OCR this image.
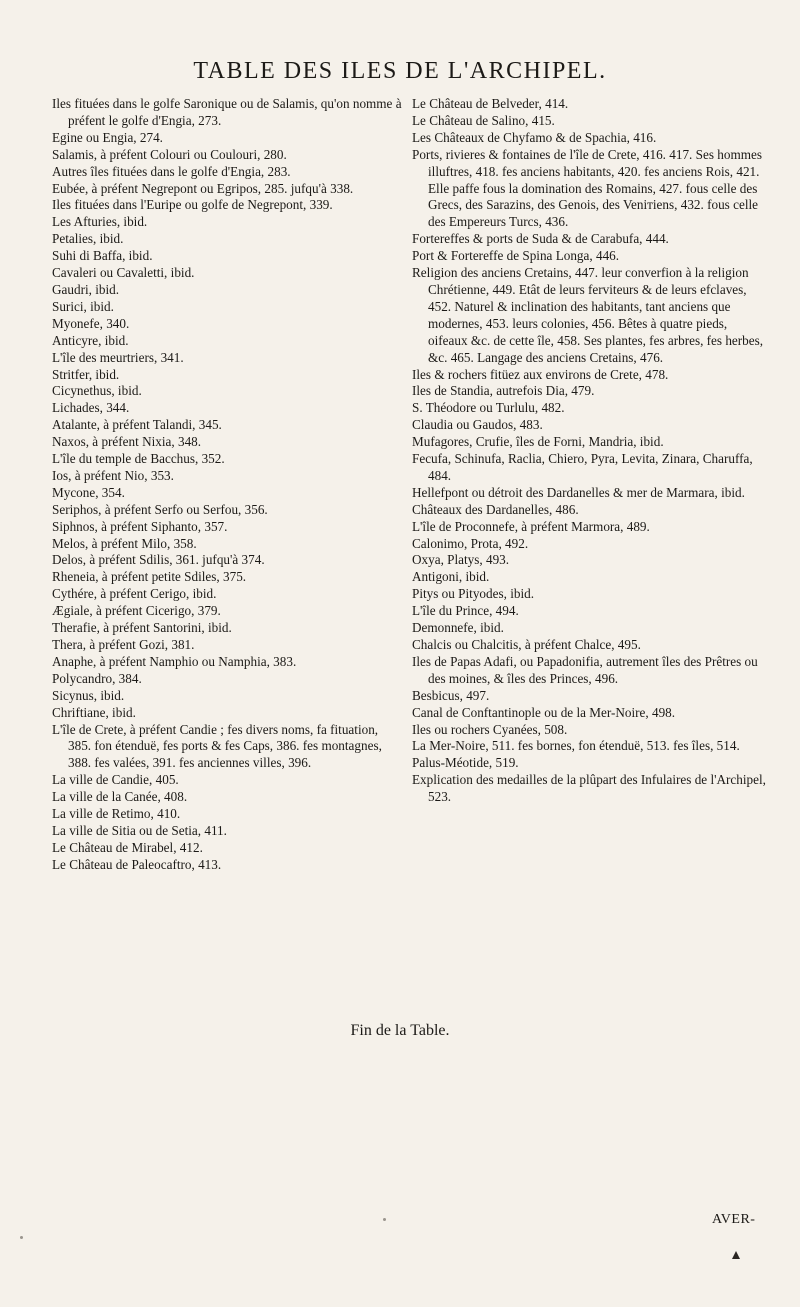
TABLE DES ILES DE L'ARCHIPEL.

Iles fituées dans le golfe Saronique ou de Salamis, qu'on nomme à préfent le golfe d'Engia, 273.

Egine ou Engia, 274.

Salamis, à préfent Colouri ou Coulouri, 280.

Autres îles fituées dans le golfe d'Engia, 283.

Eubée, à préfent Negrepont ou Egripos, 285. jufqu'à 338.

Iles fituées dans l'Euripe ou golfe de Negrepont, 339.

Les Afturies, ibid.

Petalies, ibid.

Suhi di Baffa, ibid.

Cavaleri ou Cavaletti, ibid.

Gaudri, ibid.

Surici, ibid.

Myonefe, 340.

Anticyre, ibid.

L'île des meurtriers, 341.

Stritfer, ibid.

Cicynethus, ibid.

Lichades, 344.

Atalante, à préfent Talandi, 345.

Naxos, à préfent Nixia, 348.

L'île du temple de Bacchus, 352.

Ios, à préfent Nio, 353.

Mycone, 354.

Seriphos, à préfent Serfo ou Serfou, 356.

Siphnos, à préfent Siphanto, 357.

Melos, à préfent Milo, 358.

Delos, à préfent Sdilis, 361. jufqu'à 374.

Rheneia, à préfent petite Sdiles, 375.

Cythére, à préfent Cerigo, ibid.

Ægiale, à préfent Cicerigo, 379.

Therafie, à préfent Santorini, ibid.

Thera, à préfent Gozi, 381.

Anaphe, à préfent Namphio ou Namphia, 383.

Polycandro, 384.

Sicynus, ibid.

Chriftiane, ibid.

L'île de Crete, à préfent Candie ; fes divers noms, fa fituation, 385. fon étenduë, fes ports & fes Caps, 386. fes montagnes, 388. fes valées, 391. fes anciennes villes, 396.

La ville de Candie, 405.

La ville de la Canée, 408.

La ville de Retimo, 410.

La ville de Sitia ou de Setia, 411.

Le Château de Mirabel, 412.

Le Château de Paleocaftro, 413.

Le Château de Belveder, 414.

Le Château de Salino, 415.

Les Châteaux de Chyfamo & de Spachia, 416.

Ports, rivieres & fontaines de l'île de Crete, 416. 417. Ses hommes illuftres, 418. fes anciens habitants, 420. fes anciens Rois, 421. Elle paffe fous la domination des Romains, 427. fous celle des Grecs, des Sarazins, des Genois, des Veniтiens, 432. fous celle des Empereurs Turcs, 436.

Fortereffes & ports de Suda & de Carabufa, 444.

Port & Fortereffe de Spina Longa, 446.

Religion des anciens Cretains, 447. leur converfion à la religion Chrétienne, 449. Etât de leurs ferviteurs & de leurs efclaves, 452. Naturel & inclination des habitants, tant anciens que modernes, 453. leurs colonies, 456. Bêtes à quatre pieds, oifeaux &c. de cette île, 458. Ses plantes, fes arbres, fes herbes, &c. 465. Langage des anciens Cretains, 476.

Iles & rochers fitüez aux environs de Crete, 478.

Iles de Standia, autrefois Dia, 479.

S. Théodore ou Turlulu, 482.

Claudia ou Gaudos, 483.

Mufagores, Crufie, îles de Forni, Mandria, ibid.

Fecufa, Schinufa, Raclia, Chiero, Pyra, Levita, Zinara, Charuffa, 484.

Hellefpont ou détroit des Dardanelles & mer de Marmara, ibid.

Châteaux des Dardanelles, 486.

L'île de Proconnefe, à préfent Marmora, 489.

Calonimo, Prota, 492.

Oxya, Platys, 493.

Antigoni, ibid.

Pitys ou Pityodes, ibid.

L'île du Prince, 494.

Demonnefe, ibid.

Chalcis ou Chalcitis, à préfent Chalce, 495.

Iles de Papas Adafi, ou Papadonifia, autrement îles des Prêtres ou des moines, & îles des Princes, 496.

Besbicus, 497.

Canal de Conftantinople ou de la Mer-Noire, 498.

Iles ou rochers Cyanées, 508.

La Mer-Noire, 511. fes bornes, fon étenduë, 513. fes îles, 514.

Palus-Méotide, 519.

Explication des medailles de la plûpart des Infulaires de l'Archipel, 523.

Fin de la Table.
AVER-
